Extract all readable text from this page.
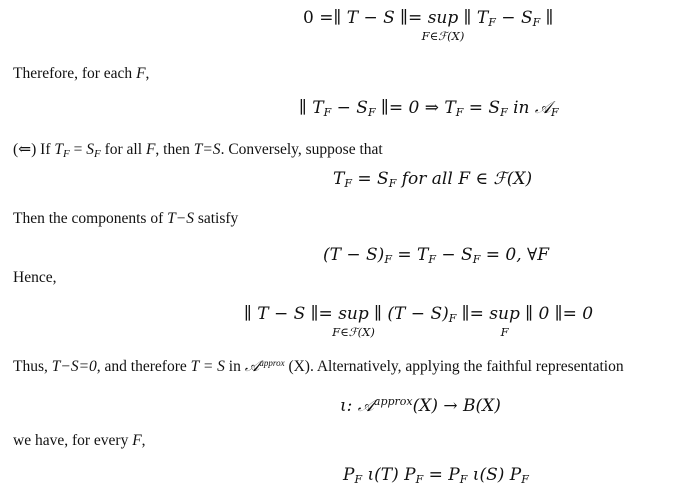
0 =∥ T − S ∥= sup
F∈ℱ(X)
∥ $T_F - S_F$ ∥
Therefore, for each F,
∥ $T_F - S_F$ ∥= 0 ⇒ $T_F = S_F$ in 𝒜$_F$
(⇐) If $T_F = S_F$ for all F, then T=S. Conversely, suppose that
$T_F = S_F$ for all F ∈ ℱ(X)
Then the components of T−S satisfy
$(T - S)_F = T_F - S_F = 0$, ∀F
Hence,
∥ T − S ∥= sup
F∈ℱ(X)
∥ $(T - S)_F$ ∥= sup
F
∥ 0 ∥= 0
Thus, T−S=0, and therefore T = S in 𝒜$^{approx}$ (X). Alternatively, applying the faithful representation
ι: 𝒜$^{approx}$(X) → B(X)
we have, for every F,
$P_F$ ι(T) $P_F = P_F$ ι(S) $P_F$
